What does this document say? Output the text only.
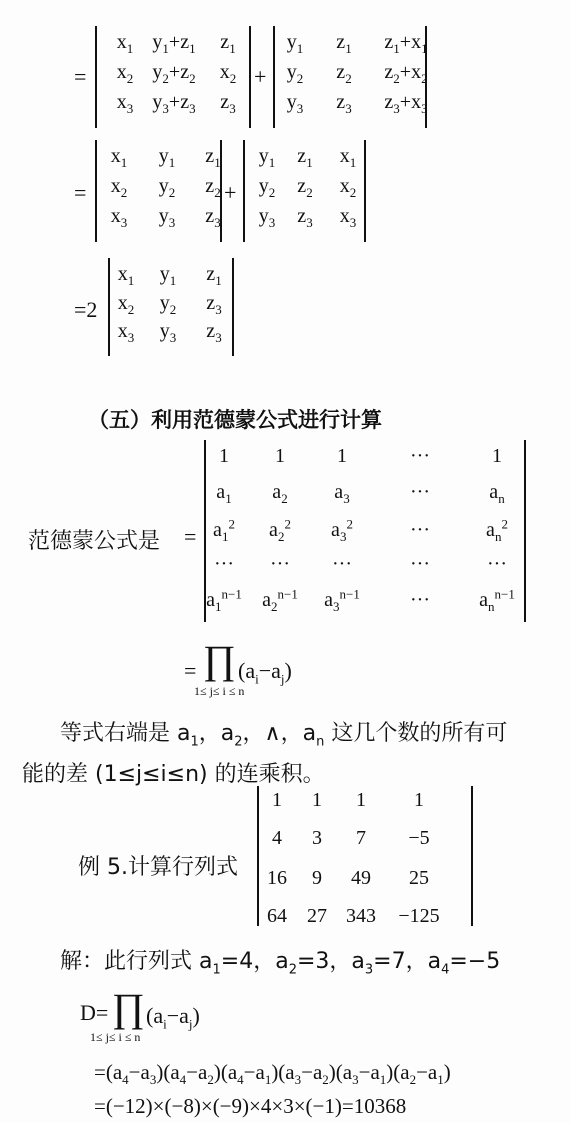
=
$x_1$ $y_1+z_1$ $z_1$
$x_2$ $y_2+z_2$ $x_2$
$x_3$ $y_3+z_3$ $z_3$
+
$y_1$ $z_1$ $z_1+x_1$
$y_2$ $z_2$ $z_2+x_2$
$y_3$ $z_3$ $z_3+x_3$
=
$x_1$ $y_1$ $z_1$
$x_2$ $y_2$ $z_2$
$x_3$ $y_3$ $z_3$
+
$y_1$ $z_1$ $x_1$
$y_2$ $z_2$ $x_2$
$y_3$ $z_3$ $x_3$
=2
$x_1$ $y_1$ $z_1$
$x_2$ $y_2$ $z_3$
$x_3$ $y_3$ $z_3$
（五）利用范德蒙公式进行计算
范德蒙公式是 =
1 1	1	···	1
$a_1$ $a_2$ $a_3$	···	$a_n$
$a_1^2$ $a_2^2$ $a_3^2$	···	$a_n^2$
··· ··· ···	···	···
$a_1^{n-1}$ $a_2^{n-1}$ $a_3^{n-1}$	··· $a_n^{n-1}$
= ∏
1≤ j≤ i ≤ n
$(a_i-a_j)$
等式右端是 $a_1$，$a_2$，∧，$a_n$ 这几个数的所有可
能的差 (1≤j≤i≤n) 的连乘积。
例 5.计算行列式
1 1 1 1
4 3 7 −5
16 9 49 25
64 27 343 −125
解：此行列式 $a_1=4$，$a_2=3$，$a_3=7$，$a_4=-5$
D= ∏
1≤ j≤ i ≤ n
$(a_i-a_j)$
$=(a_4-a_3)(a_4-a_2)(a_4-a_1)(a_3-a_2)(a_3-a_1)(a_2-a_1)$
=(−12)×(−8)×(−9)×4×3×(−1)=10368
